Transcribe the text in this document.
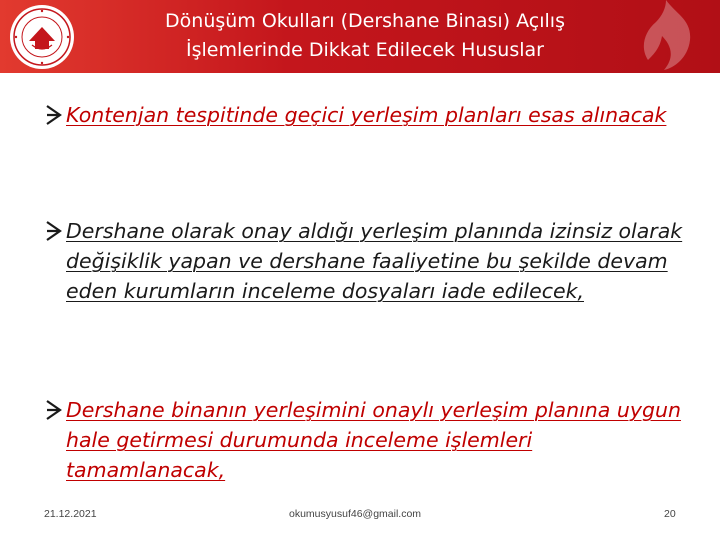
Dönüşüm Okulları (Dershane Binası) Açılış
İşlemlerinde Dikkat Edilecek Hususlar
Kontenjan tespitinde geçici yerleşim planları esas alınacak
Dershane olarak onay aldığı yerleşim planında izinsiz olarak değişiklik yapan ve dershane faaliyetine bu şekilde devam eden kurumların inceleme dosyaları iade edilecek,
Dershane binanın yerleşimini onaylı yerleşim planına uygun hale getirmesi durumunda inceleme işlemleri tamamlanacak,
21.12.2021	okumusyusuf46@gmail.com	20
